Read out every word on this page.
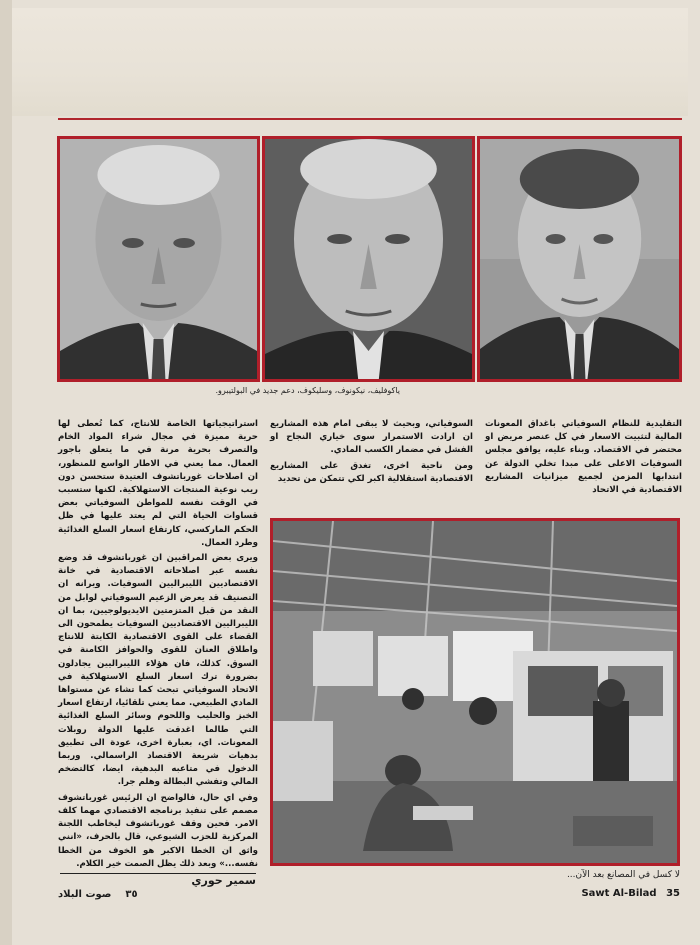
ياكوفليف، نيكونوف، وسليكوف، دعم جديد في البولتيبرو.

التقليدية للنظام السوفياتي باغداق المعونات المالية لتثبيت الاسعار في كل عنصر مريض او محتضر في الاقتصاد. وبناء عليه، يوافق مجلس السوفيات الاعلى على مبدا تخلي الدولة عن انتدابها المزمن لجميع ميزانيات المشاريع الاقتصادية في الاتحاد

السوفياتي، وبحيث لا يبقى امام هذه المشاريع ان ارادت الاستمرار سوى خياري النجاح او الفشل في مضمار الكسب المادي.

ومن ناحية اخرى، تغدق على المشاريع الاقتصادية استقلالية اكبر لكي تتمكن من تحديد

استراتيجياتها الخاصة للانتاج، كما تُعطى لها حرية مميزة في مجال شراء المواد الخام والتصرف بحرية مرنة في ما يتعلق باجور العمال. مما يعني في الاطار الواسع للمنظور، ان اصلاحات غورباتشوف العتيدة ستحسن دون ريب نوعية المنتجات الاستهلاكية. لكنها ستسبب في الوقت نفسه للمواطن السوفياتي بعض قساوات الحياة التي لم يعتد عليها في ظل الحكم الماركسي، كارتفاع اسعار السلع الغذائية وطرد العمال.

ويرى بعض المراقبين ان غورباتشوف قد وضع نفسه عبر اصلاحاته الاقتصادية في خانة الاقتصاديين الليبراليين السوفيات. ويرانه ان التصنيف قد يعرض الزعيم السوفياتي لوابل من النقد من قبل المتزمتين الايديولوجيين، بما ان الليبراليين الاقتصاديين السوفيات يطمحون الى القضاء على القوى الاقتصادية الكابتة للانتاج واطلاق العنان للقوى والحوافز الكامنة في السوق. كذلك، فان هؤلاء الليبراليين يجادلون بضرورة ترك اسعار السلع الاستهلاكية في الاتحاد السوفياتي تبحث كما تشاء عن مستواها المادي الطبيعي. مما يعني تلقائيا، ارتفاع اسعار الخبز والحليب واللحوم وسائر السلع الغذائية التي طالما اغدقت عليها الدولة روبلات المعونات. اي، بعبارة اخرى، عودة الى تطبيق بدهيات شريعة الاقتصاد الراسمالي. وربما الدخول في متاعبه البدهية، ايضا، كالتضخم المالي وتفشي البطالة وهلم جرا.

وفي اي حال، فالواضح ان الرئيس غورباتشوف مصمم على تنفيذ برنامجه الاقتصادي مهما كلف الامر. فحين وقف غورباتشوف ليخاطب اللجنة المركزية للحزب الشيوعي، قال بالحرف، «انني واثق ان الخطا الاكبر هو الخوف من الخطا نفسه...» وبعد ذلك يظل الصمت خير الكلام.

لا كسل في المصانع بعد الآن...
سمير حوري
٣٥    صوت البلاد	Sawt Al-Bilad 35
